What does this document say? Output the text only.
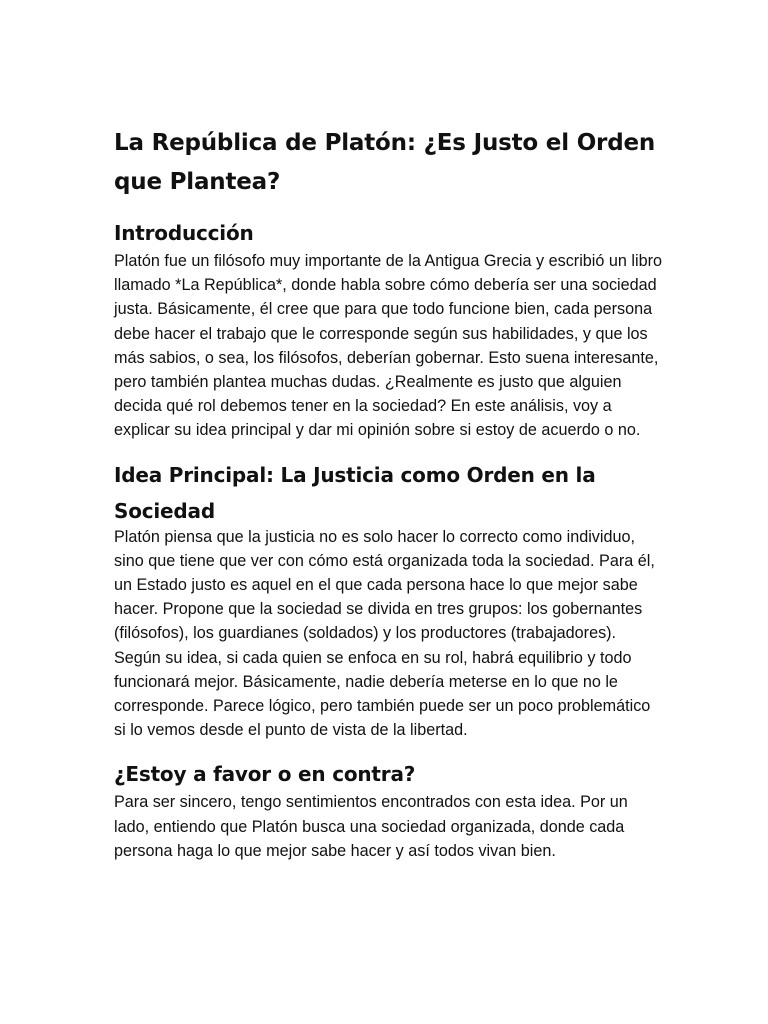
La República de Platón: ¿Es Justo el Orden que Plantea?
Introducción

Platón fue un filósofo muy importante de la Antigua Grecia y escribió un libro llamado *La República*, donde habla sobre cómo debería ser una sociedad justa. Básicamente, él cree que para que todo funcione bien, cada persona debe hacer el trabajo que le corresponde según sus habilidades, y que los más sabios, o sea, los filósofos, deberían gobernar. Esto suena interesante, pero también plantea muchas dudas. ¿Realmente es justo que alguien decida qué rol debemos tener en la sociedad? En este análisis, voy a explicar su idea principal y dar mi opinión sobre si estoy de acuerdo o no.

Idea Principal: La Justicia como Orden en la Sociedad

Platón piensa que la justicia no es solo hacer lo correcto como individuo, sino que tiene que ver con cómo está organizada toda la sociedad. Para él, un Estado justo es aquel en el que cada persona hace lo que mejor sabe hacer. Propone que la sociedad se divida en tres grupos: los gobernantes (filósofos), los guardianes (soldados) y los productores (trabajadores). Según su idea, si cada quien se enfoca en su rol, habrá equilibrio y todo funcionará mejor. Básicamente, nadie debería meterse en lo que no le corresponde. Parece lógico, pero también puede ser un poco problemático si lo vemos desde el punto de vista de la libertad.

¿Estoy a favor o en contra?

Para ser sincero, tengo sentimientos encontrados con esta idea. Por un lado, entiendo que Platón busca una sociedad organizada, donde cada persona haga lo que mejor sabe hacer y así todos vivan bien.
